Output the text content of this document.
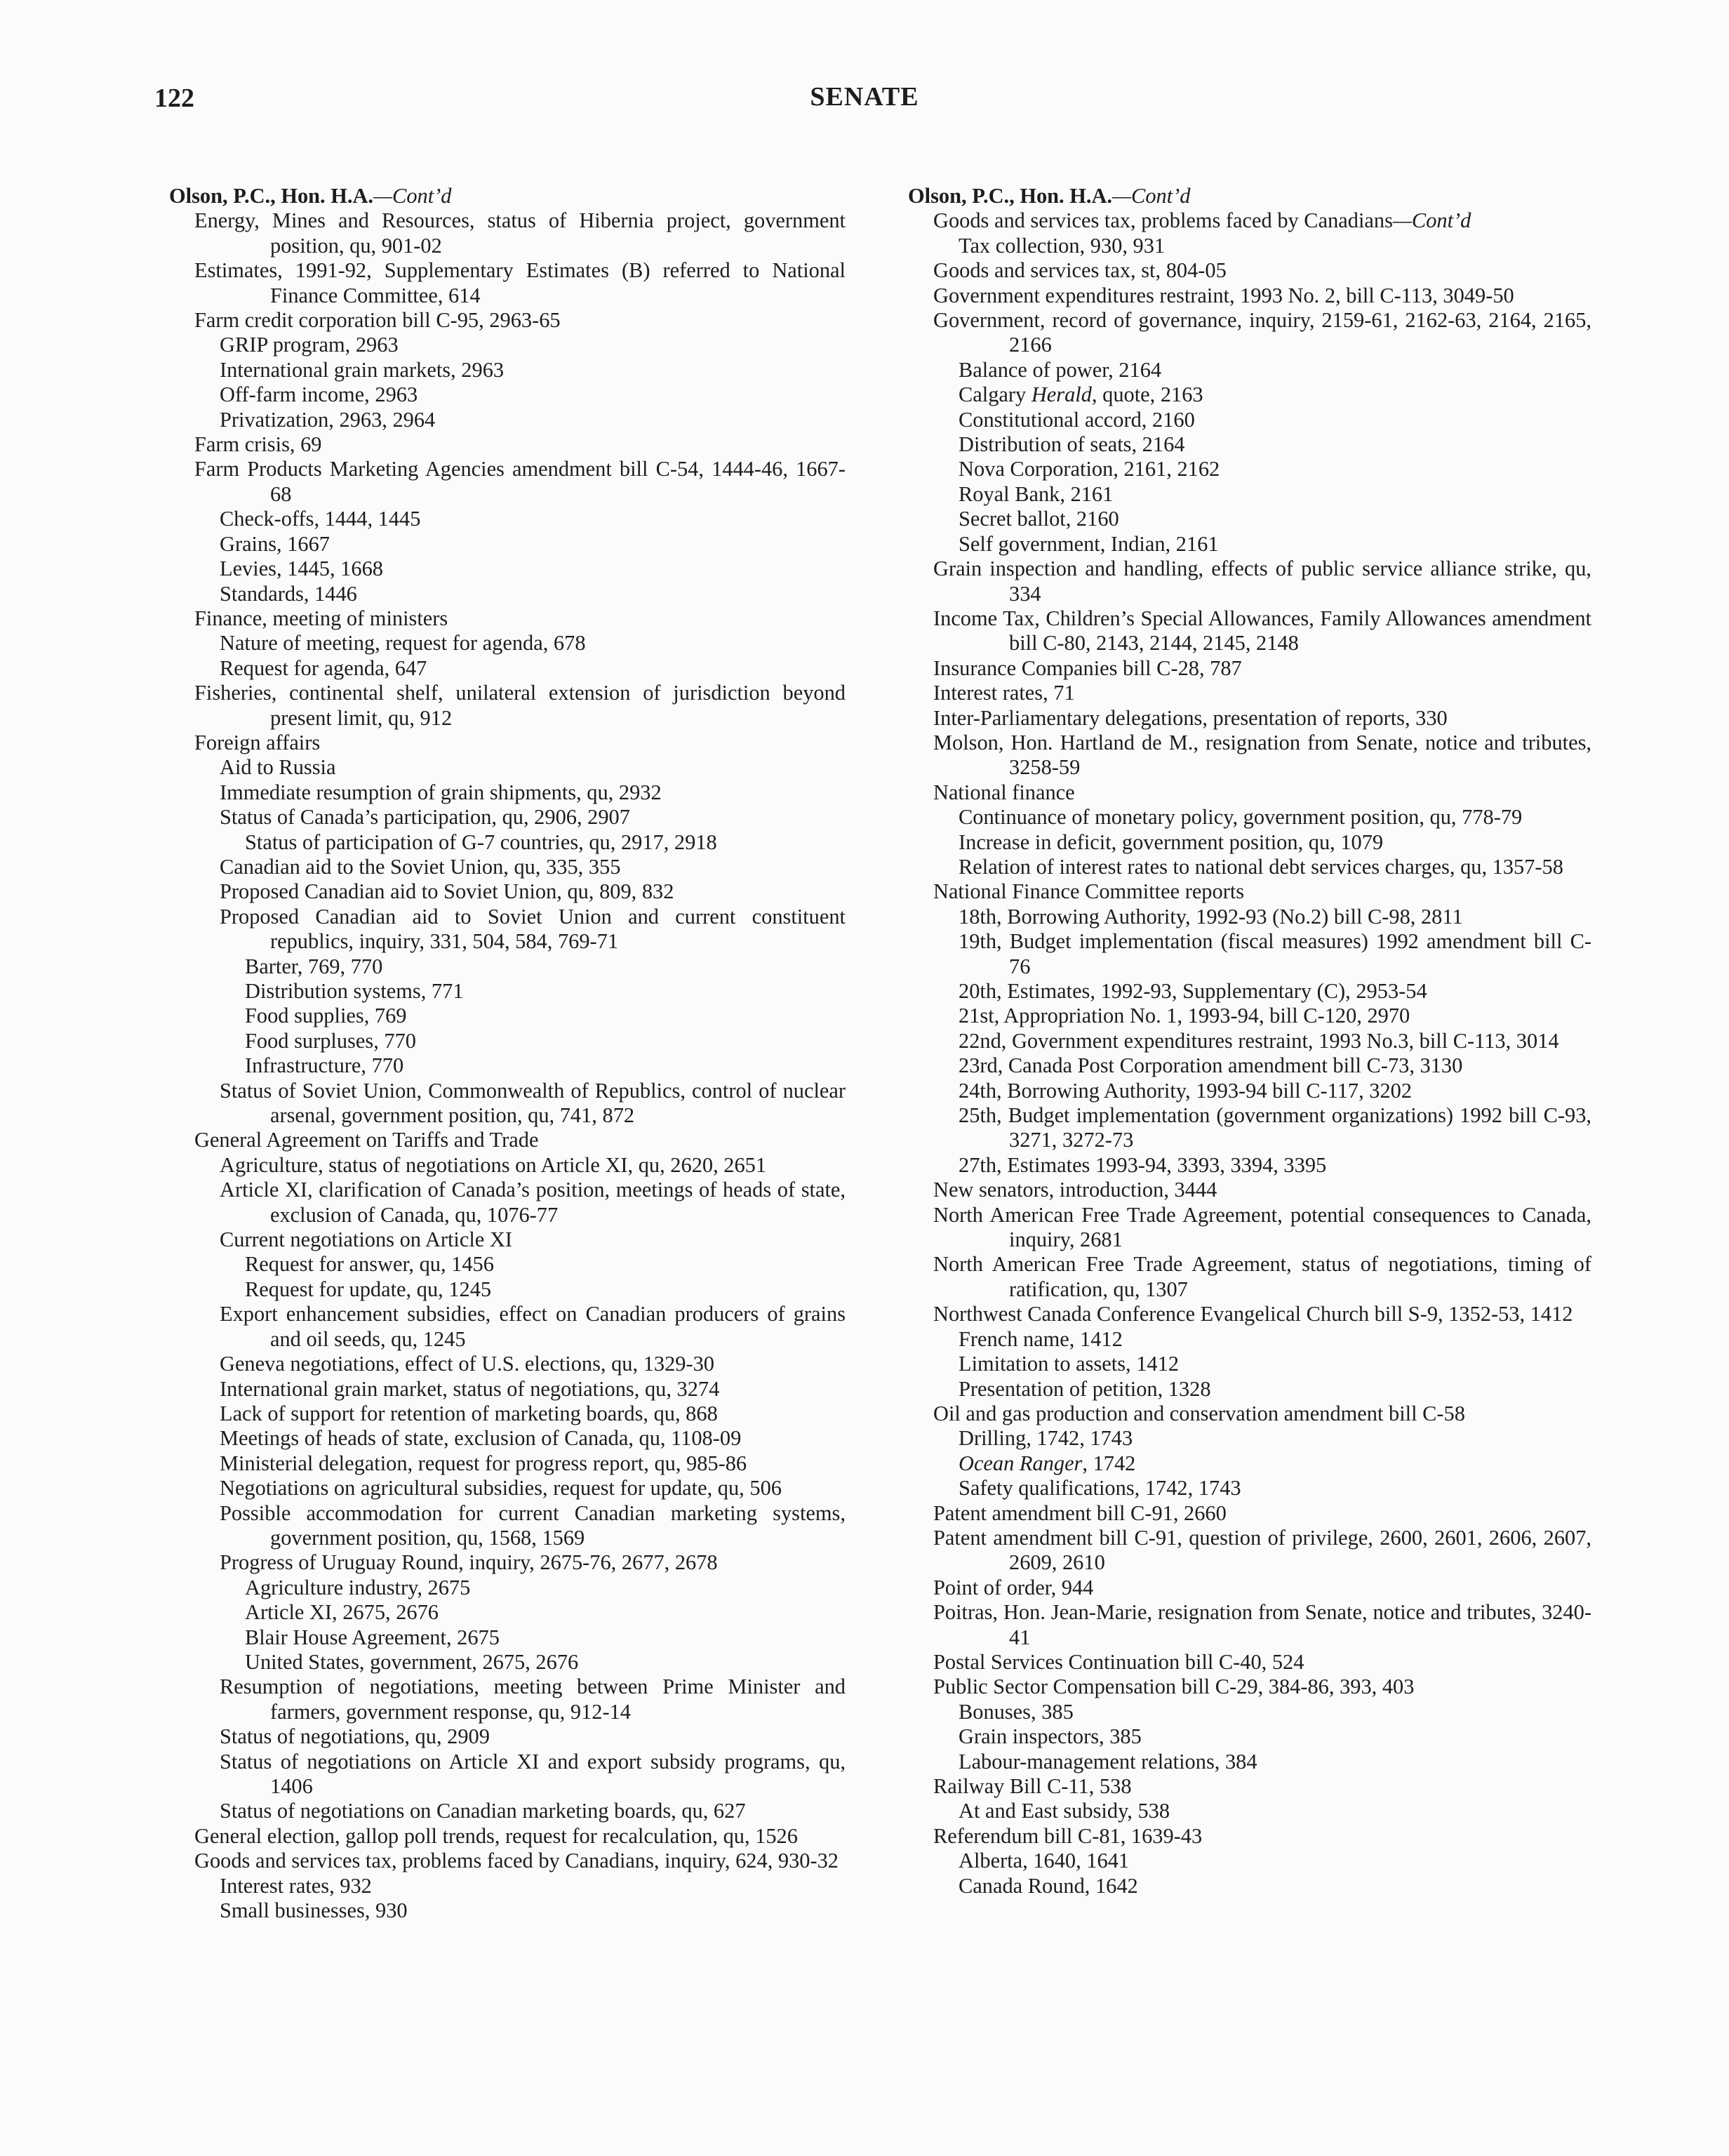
122	SENATE
Olson, P.C., Hon. H.A.—Cont’d
Energy, Mines and Resources, status of Hibernia project, government position, qu, 901-02
Estimates, 1991-92, Supplementary Estimates (B) referred to National Finance Committee, 614
Farm credit corporation bill C-95, 2963-65
GRIP program, 2963
International grain markets, 2963
Off-farm income, 2963
Privatization, 2963, 2964
Farm crisis, 69
Farm Products Marketing Agencies amendment bill C-54, 1444-46, 1667-68
Check-offs, 1444, 1445
Grains, 1667
Levies, 1445, 1668
Standards, 1446
Finance, meeting of ministers
Nature of meeting, request for agenda, 678
Request for agenda, 647
Fisheries, continental shelf, unilateral extension of jurisdiction beyond present limit, qu, 912
Foreign affairs
Aid to Russia
Immediate resumption of grain shipments, qu, 2932
Status of Canada’s participation, qu, 2906, 2907
Status of participation of G-7 countries, qu, 2917, 2918
Canadian aid to the Soviet Union, qu, 335, 355
Proposed Canadian aid to Soviet Union, qu, 809, 832
Proposed Canadian aid to Soviet Union and current constituent republics, inquiry, 331, 504, 584, 769-71
Barter, 769, 770
Distribution systems, 771
Food supplies, 769
Food surpluses, 770
Infrastructure, 770
Status of Soviet Union, Commonwealth of Republics, control of nuclear arsenal, government position, qu, 741, 872
General Agreement on Tariffs and Trade
Agriculture, status of negotiations on Article XI, qu, 2620, 2651
Article XI, clarification of Canada’s position, meetings of heads of state, exclusion of Canada, qu, 1076-77
Current negotiations on Article XI
Request for answer, qu, 1456
Request for update, qu, 1245
Export enhancement subsidies, effect on Canadian producers of grains and oil seeds, qu, 1245
Geneva negotiations, effect of U.S. elections, qu, 1329-30
International grain market, status of negotiations, qu, 3274
Lack of support for retention of marketing boards, qu, 868
Meetings of heads of state, exclusion of Canada, qu, 1108-09
Ministerial delegation, request for progress report, qu, 985-86
Negotiations on agricultural subsidies, request for update, qu, 506
Possible accommodation for current Canadian marketing systems, government position, qu, 1568, 1569
Progress of Uruguay Round, inquiry, 2675-76, 2677, 2678
Agriculture industry, 2675
Article XI, 2675, 2676
Blair House Agreement, 2675
United States, government, 2675, 2676
Resumption of negotiations, meeting between Prime Minister and farmers, government response, qu, 912-14
Status of negotiations, qu, 2909
Status of negotiations on Article XI and export subsidy programs, qu, 1406
Status of negotiations on Canadian marketing boards, qu, 627
General election, gallop poll trends, request for recalculation, qu, 1526
Goods and services tax, problems faced by Canadians, inquiry, 624, 930-32
Interest rates, 932
Small businesses, 930
Olson, P.C., Hon. H.A.—Cont’d
Goods and services tax, problems faced by Canadians—Cont’d
Tax collection, 930, 931
Goods and services tax, st, 804-05
Government expenditures restraint, 1993 No. 2, bill C-113, 3049-50
Government, record of governance, inquiry, 2159-61, 2162-63, 2164, 2165, 2166
Balance of power, 2164
Calgary Herald, quote, 2163
Constitutional accord, 2160
Distribution of seats, 2164
Nova Corporation, 2161, 2162
Royal Bank, 2161
Secret ballot, 2160
Self government, Indian, 2161
Grain inspection and handling, effects of public service alliance strike, qu, 334
Income Tax, Children’s Special Allowances, Family Allowances amendment bill C-80, 2143, 2144, 2145, 2148
Insurance Companies bill C-28, 787
Interest rates, 71
Inter-Parliamentary delegations, presentation of reports, 330
Molson, Hon. Hartland de M., resignation from Senate, notice and tributes, 3258-59
National finance
Continuance of monetary policy, government position, qu, 778-79
Increase in deficit, government position, qu, 1079
Relation of interest rates to national debt services charges, qu, 1357-58
National Finance Committee reports
18th, Borrowing Authority, 1992-93 (No.2) bill C-98, 2811
19th, Budget implementation (fiscal measures) 1992 amendment bill C-76
20th, Estimates, 1992-93, Supplementary (C), 2953-54
21st, Appropriation No. 1, 1993-94, bill C-120, 2970
22nd, Government expenditures restraint, 1993 No.3, bill C-113, 3014
23rd, Canada Post Corporation amendment bill C-73, 3130
24th, Borrowing Authority, 1993-94 bill C-117, 3202
25th, Budget implementation (government organizations) 1992 bill C-93, 3271, 3272-73
27th, Estimates 1993-94, 3393, 3394, 3395
New senators, introduction, 3444
North American Free Trade Agreement, potential consequences to Canada, inquiry, 2681
North American Free Trade Agreement, status of negotiations, timing of ratification, qu, 1307
Northwest Canada Conference Evangelical Church bill S-9, 1352-53, 1412
French name, 1412
Limitation to assets, 1412
Presentation of petition, 1328
Oil and gas production and conservation amendment bill C-58
Drilling, 1742, 1743
Ocean Ranger, 1742
Safety qualifications, 1742, 1743
Patent amendment bill C-91, 2660
Patent amendment bill C-91, question of privilege, 2600, 2601, 2606, 2607, 2609, 2610
Point of order, 944
Poitras, Hon. Jean-Marie, resignation from Senate, notice and tributes, 3240-41
Postal Services Continuation bill C-40, 524
Public Sector Compensation bill C-29, 384-86, 393, 403
Bonuses, 385
Grain inspectors, 385
Labour-management relations, 384
Railway Bill C-11, 538
At and East subsidy, 538
Referendum bill C-81, 1639-43
Alberta, 1640, 1641
Canada Round, 1642
